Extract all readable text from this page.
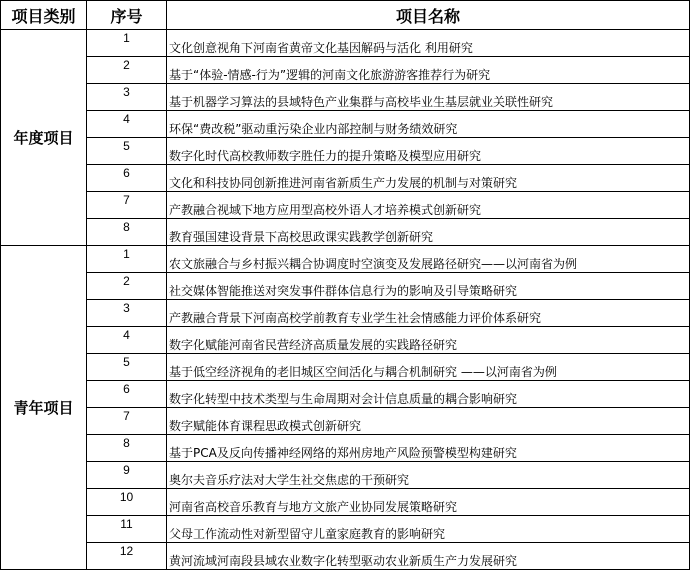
项目类别	序号	项目名称
年度项目	1	文化创意视角下河南省黄帝文化基因解码与活化 利用研究
	2	基于“体验-情感-行为”逻辑的河南文化旅游游客推荐行为研究
	3	基于机器学习算法的县域特色产业集群与高校毕业生基层就业关联性研究
	4	环保“费改税”驱动重污染企业内部控制与财务绩效研究
	5	数字化时代高校教师数字胜任力的提升策略及模型应用研究
	6	文化和科技协同创新推进河南省新质生产力发展的机制与对策研究
	7	产教融合视域下地方应用型高校外语人才培养模式创新研究
	8	教育强国建设背景下高校思政课实践教学创新研究
青年项目	1	农文旅融合与乡村振兴耦合协调度时空演变及发展路径研究——以河南省为例
	2	社交媒体智能推送对突发事件群体信息行为的影响及引导策略研究
	3	产教融合背景下河南高校学前教育专业学生社会情感能力评价体系研究
	4	数字化赋能河南省民营经济高质量发展的实践路径研究
	5	基于低空经济视角的老旧城区空间活化与耦合机制研究 ——以河南省为例
	6	数字化转型中技术类型与生命周期对会计信息质量的耦合影响研究
	7	数字赋能体育课程思政模式创新研究
	8	基于PCA及反向传播神经网络的郑州房地产风险预警模型构建研究
	9	奥尔夫音乐疗法对大学生社交焦虑的干预研究
	10	河南省高校音乐教育与地方文旅产业协同发展策略研究
	11	父母工作流动性对新型留守儿童家庭教育的影响研究
	12	黄河流域河南段县域农业数字化转型驱动农业新质生产力发展研究
